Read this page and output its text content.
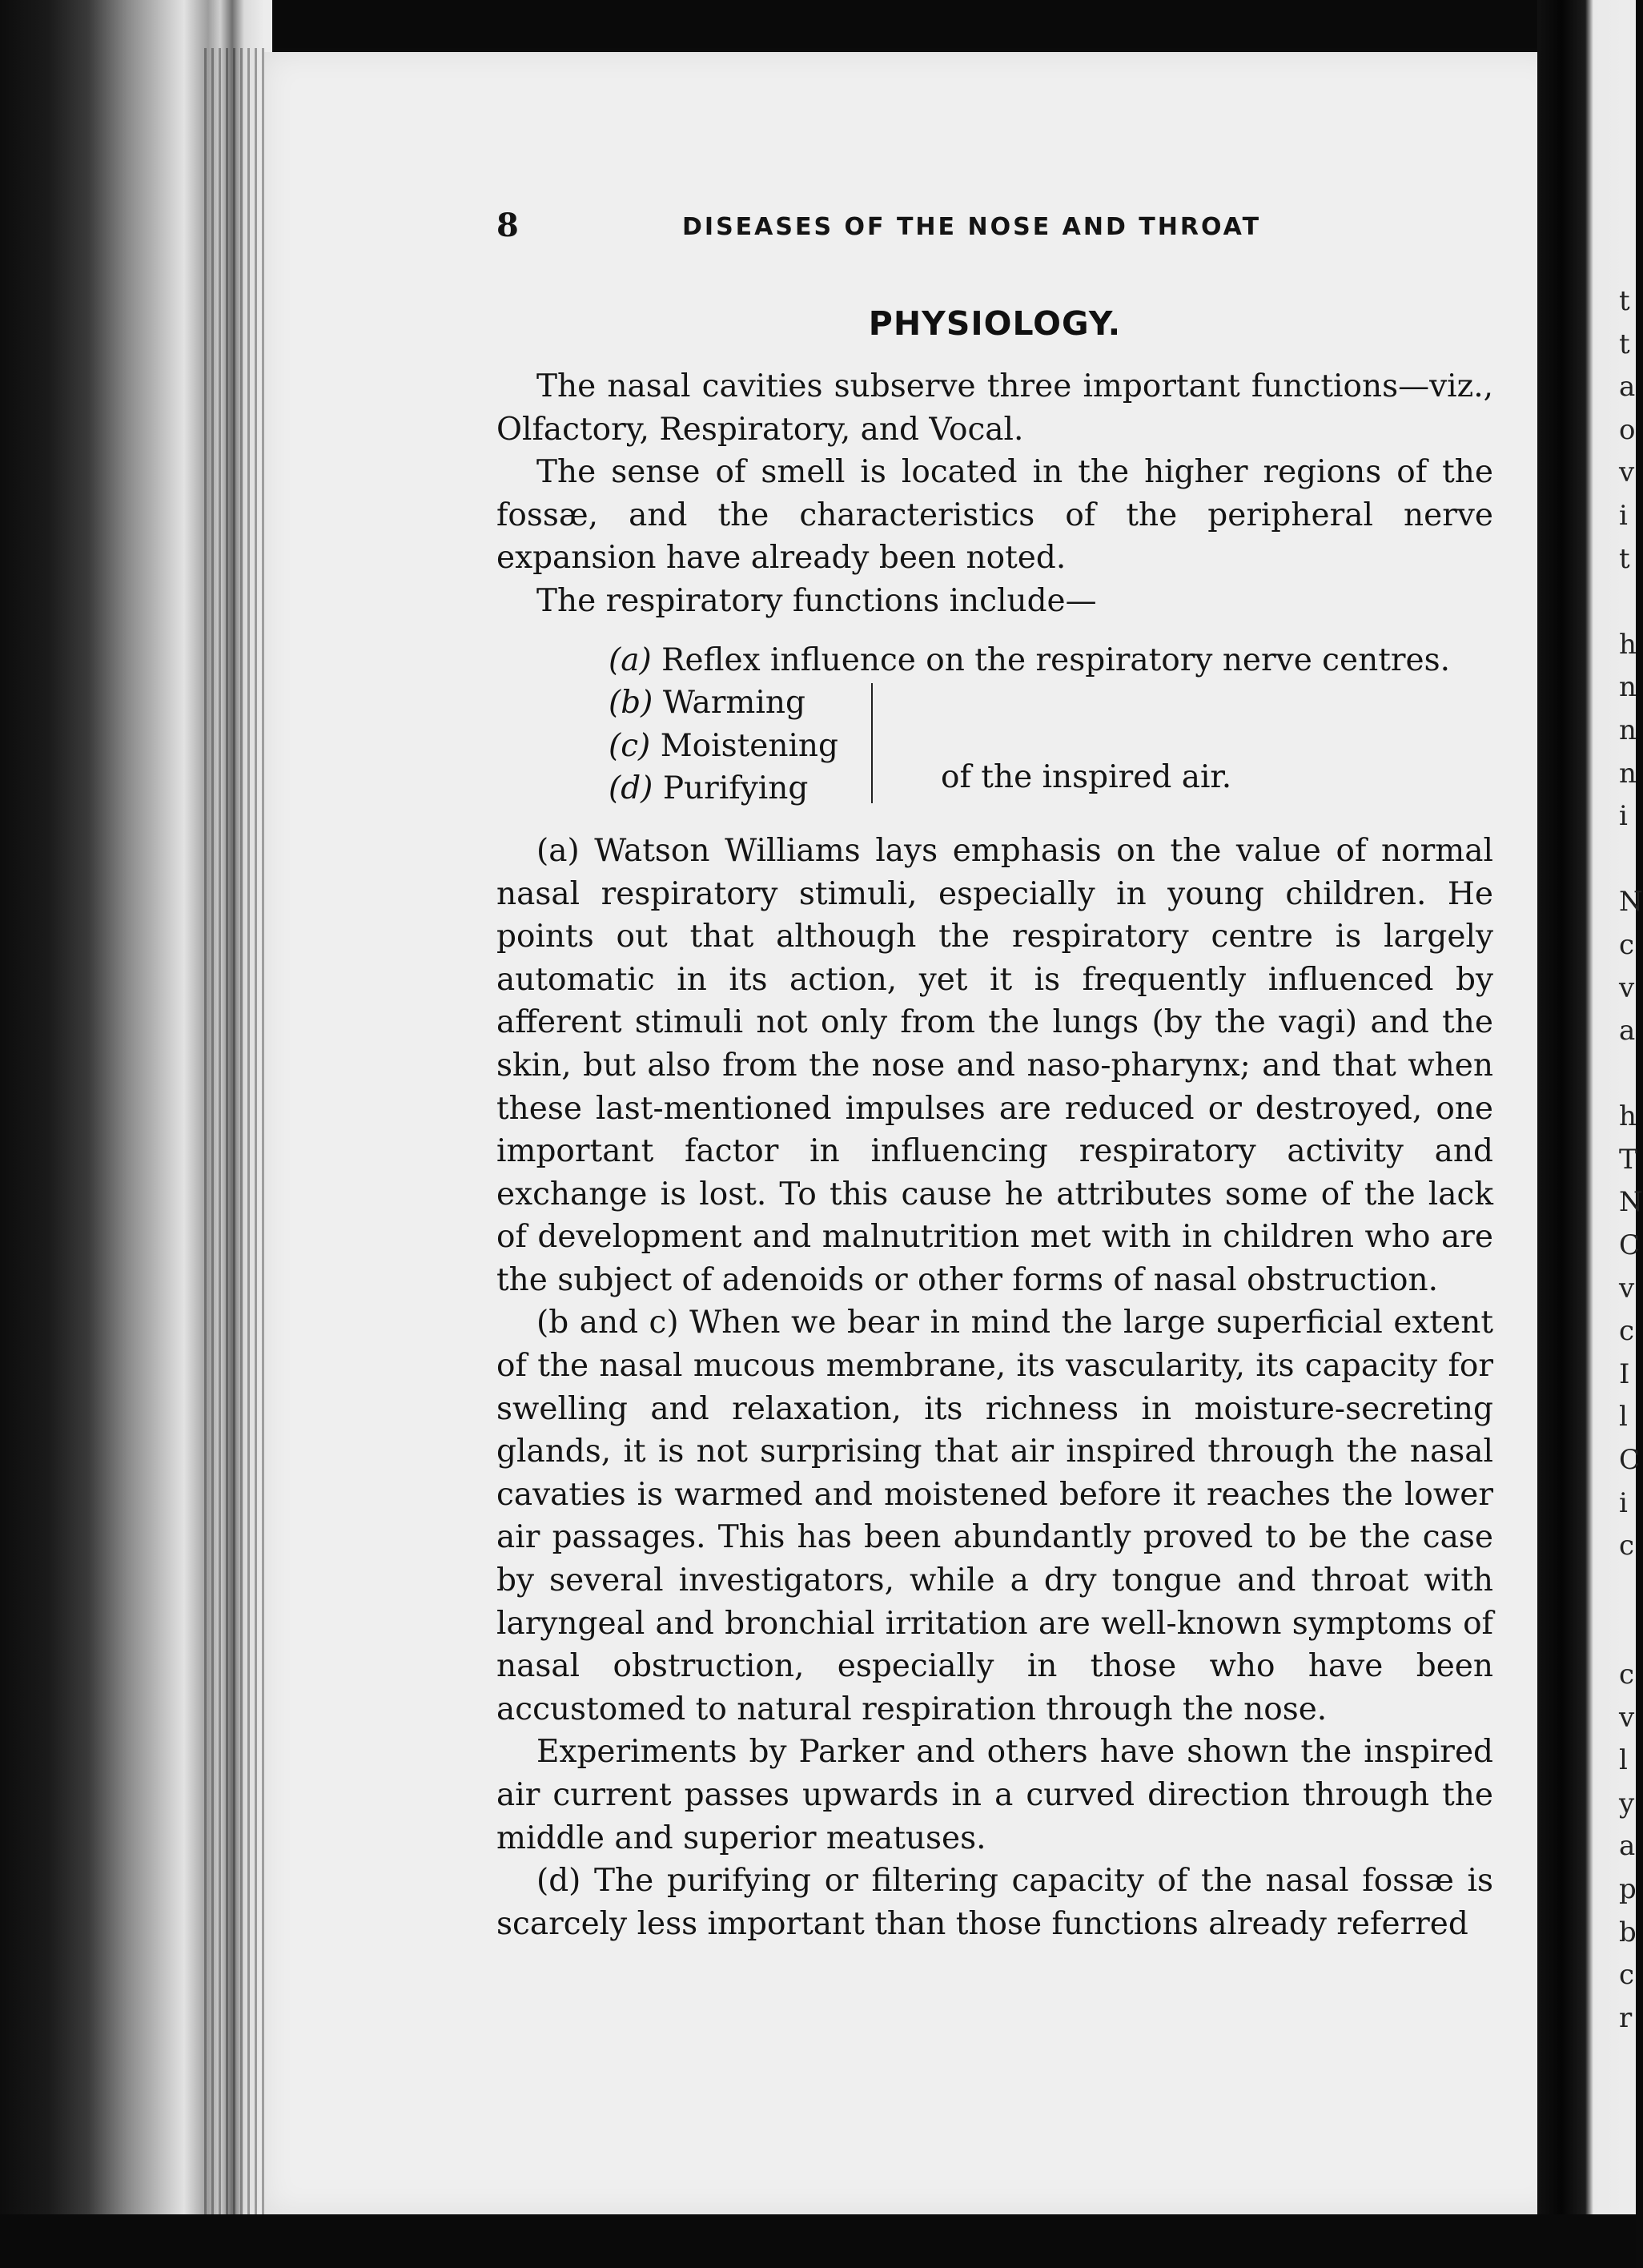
t
t
a
o
v
i
t
h
n
n
n
i
N
c
v
a
h
T
N
C
v
c
I
l
C
i
c
c
v
l
y
a
p
b
c
r
8	DISEASES OF THE NOSE AND THROAT
PHYSIOLOGY.

The nasal cavities subserve three important functions—viz., Olfactory, Respiratory, and Vocal.

The sense of smell is located in the higher regions of the fossæ, and the characteristics of the peripheral nerve expansion have already been noted.

The respiratory functions include—

(a) Reflex influence on the respiratory nerve centres.
(b) Warming
(c) Moistening
(d) Purifying	of the inspired air.

(a) Watson Williams lays emphasis on the value of normal nasal respiratory stimuli, especially in young children. He points out that although the respiratory centre is largely automatic in its action, yet it is frequently influenced by afferent stimuli not only from the lungs (by the vagi) and the skin, but also from the nose and naso-pharynx; and that when these last-mentioned impulses are reduced or destroyed, one important factor in influencing respiratory activity and exchange is lost. To this cause he attributes some of the lack of development and malnutrition met with in children who are the subject of adenoids or other forms of nasal obstruction.

(b and c) When we bear in mind the large superficial extent of the nasal mucous membrane, its vascularity, its capacity for swelling and relaxation, its richness in moisture-secreting glands, it is not surprising that air inspired through the nasal cavaties is warmed and moistened before it reaches the lower air passages. This has been abundantly proved to be the case by several investigators, while a dry tongue and throat with laryngeal and bronchial irritation are well-known symptoms of nasal obstruction, especially in those who have been accustomed to natural respiration through the nose.

Experiments by Parker and others have shown the inspired air current passes upwards in a curved direction through the middle and superior meatuses.

(d) The purifying or filtering capacity of the nasal fossæ is scarcely less important than those functions already referred
